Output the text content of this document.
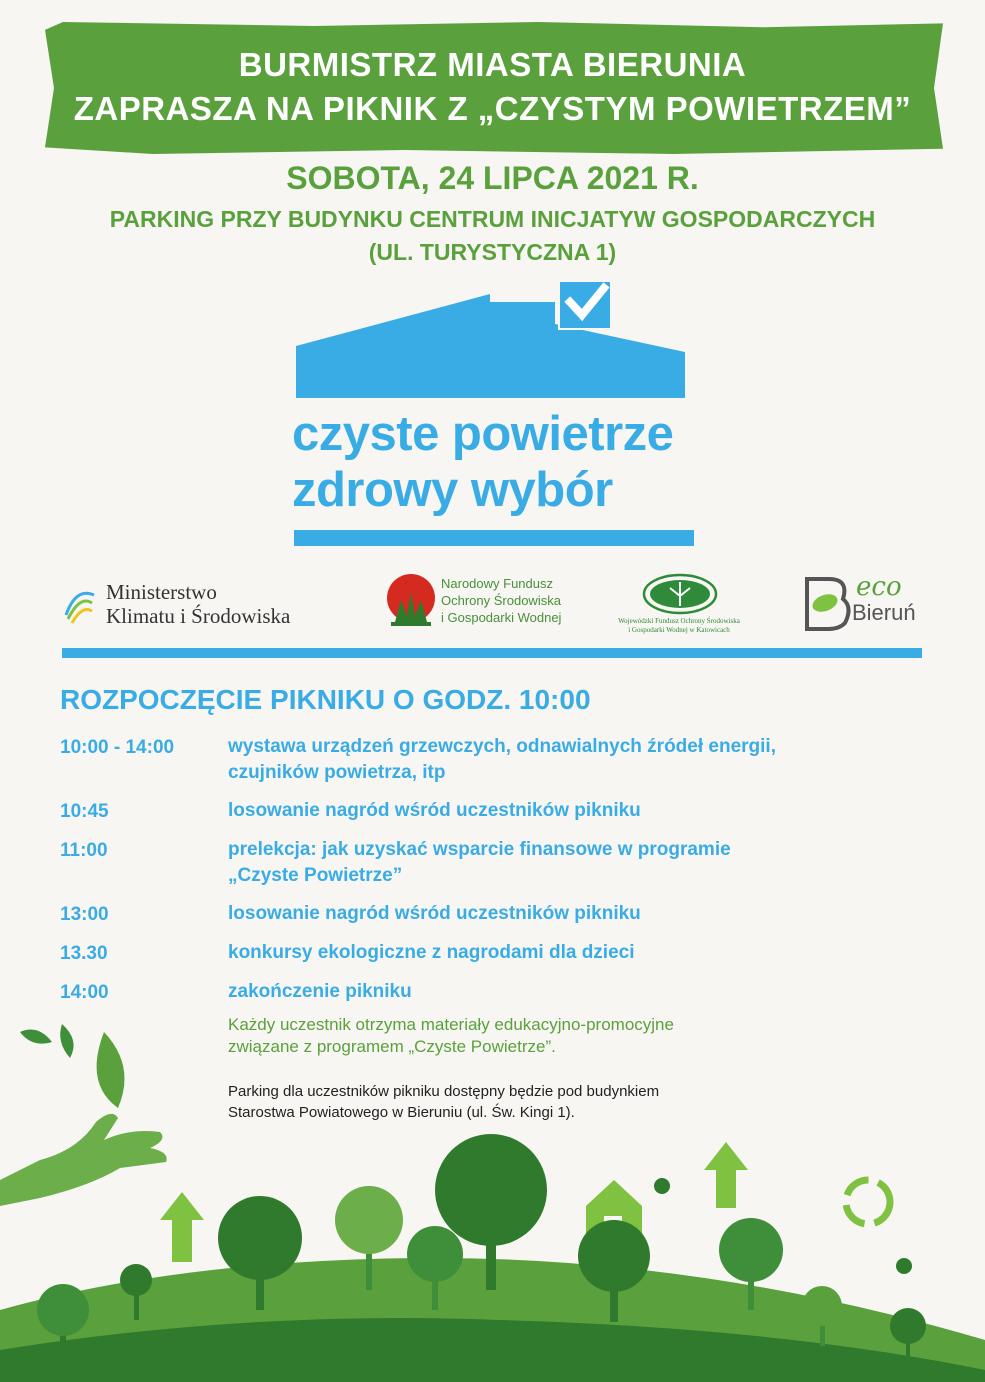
BURMISTRZ MIASTA BIERUNIA
ZAPRASZA NA PIKNIK Z „CZYSTYM POWIETRZEM”
SOBOTA, 24 LIPCA 2021 R.
PARKING PRZY BUDYNKU CENTRUM INICJATYW GOSPODARCZYCH
(UL. TURYSTYCZNA 1)
czyste powietrze
zdrowy wybór
Ministerstwo
Klimatu i Środowiska
Narodowy Fundusz
Ochrony Środowiska
i Gospodarki Wodnej	Wojewódzki Fundusz Ochrony Środowiska
i Gospodarki Wodnej w Katowicach
eco
Bieruń
ROZPOCZĘCIE PIKNIKU O GODZ. 10:00
10:00 - 14:00	wystawa urządzeń grzewczych, odnawialnych źródeł energii,
czujników powietrza, itp
10:45	losowanie nagród wśród uczestników pikniku
11:00	prelekcja: jak uzyskać wsparcie finansowe w programie
„Czyste Powietrze”
13:00	losowanie nagród wśród uczestników pikniku
13.30	konkursy ekologiczne z nagrodami dla dzieci
14:00	zakończenie pikniku
Każdy uczestnik otrzyma materiały edukacyjno-promocyjne
związane z programem „Czyste Powietrze”.
Parking dla uczestników pikniku dostępny będzie pod budynkiem
Starostwa Powiatowego w Bieruniu (ul. Św. Kingi 1).
